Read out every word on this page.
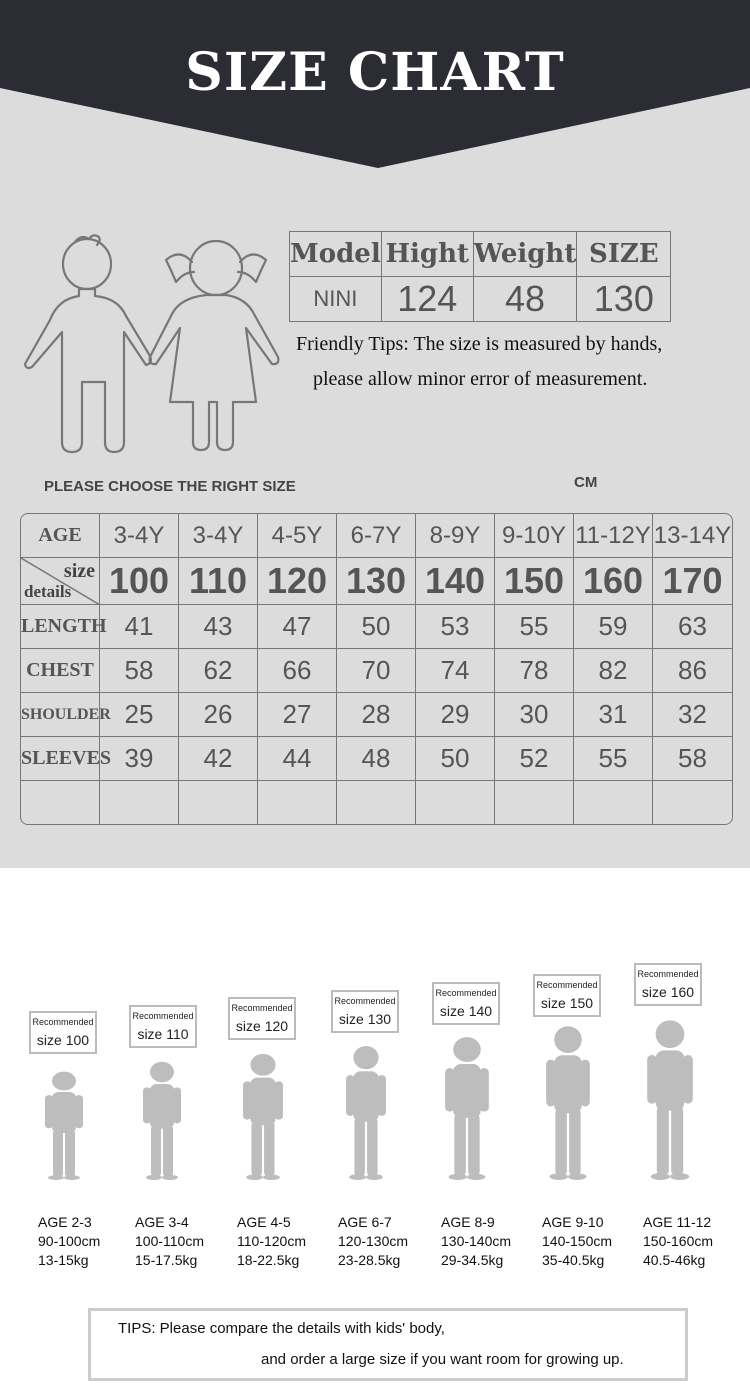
SIZE CHART
Model	Hight	Weight	SIZE
NINI	124	48	130
Friendly Tips: The size is measured by hands,
please allow minor error of measurement.
PLEASE CHOOSE THE RIGHT SIZE	CM
AGE	3-4Y	3-4Y	4-5Y	6-7Y	8-9Y	9-10Y	11-12Y	13-14Y

size
details	100	110	120	130	140	150	160	170
LENGTH	41	43	47	50	53	55	59	63
CHEST	58	62	66	70	74	78	82	86
SHOULDER	25	26	27	28	29	30	31	32
SLEEVES	39	42	44	48	50	52	55	58

Recommended
size 100
Recommended
size 110
Recommended
size 120
Recommended
size 130
Recommended
size 140
Recommended
size 150
Recommended
size 160
AGE 2-3
90-100cm
13-15kg
AGE 3-4
100-110cm
15-17.5kg
AGE 4-5
110-120cm
18-22.5kg
AGE 6-7
120-130cm
23-28.5kg
AGE 8-9
130-140cm
29-34.5kg
AGE 9-10
140-150cm
35-40.5kg
AGE 11-12
150-160cm
40.5-46kg
TIPS: Please compare the details with kids' body,
and order a large size if you want room for growing up.
